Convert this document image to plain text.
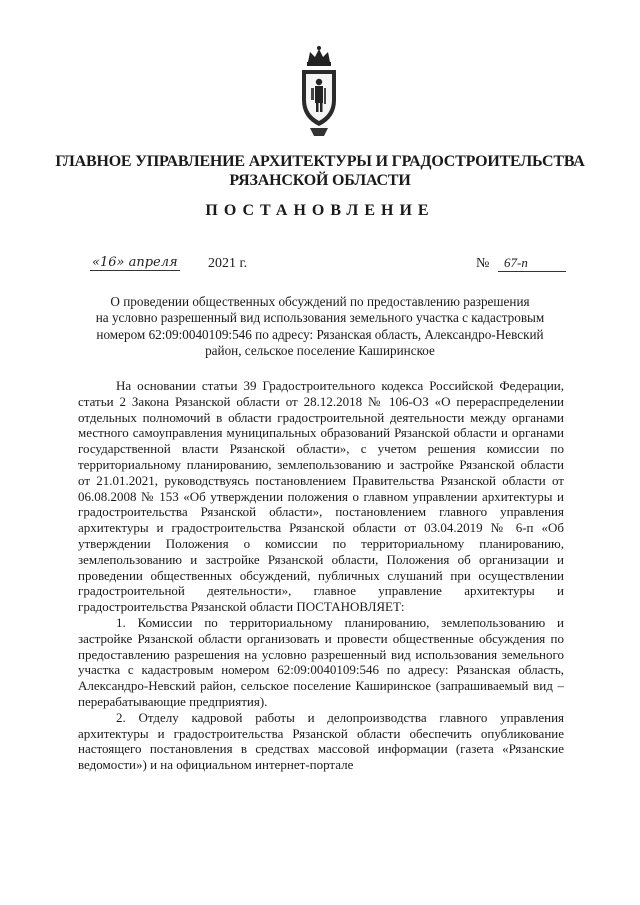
ГЛАВНОЕ УПРАВЛЕНИЕ АРХИТЕКТУРЫ И ГРАДОСТРОИТЕЛЬСТВА
РЯЗАНСКОЙ ОБЛАСТИ
ПОСТАНОВЛЕНИЕ
«16» апреля 2021 г.	№	67-п
О проведении общественных обсуждений по предоставлению разрешения
на условно разрешенный вид использования земельного участка с кадастровым
номером 62:09:0040109:546 по адресу: Рязанская область, Александро-Невский
район, сельское поселение Каширинское

На основании статьи 39 Градостроительного кодекса Российской Федерации, статьи 2 Закона Рязанской области от 28.12.2018 № 106-ОЗ «О перераспределении отдельных полномочий в области градостроительной деятельности между органами местного самоуправления муниципальных образований Рязанской области и органами государственной власти Рязанской области», с учетом решения комиссии по территориальному планированию, землепользованию и застройке Рязанской области от 21.01.2021, руководствуясь постановлением Правительства Рязанской области от 06.08.2008 № 153 «Об утверждении положения о главном управлении архитектуры и градостроительства Рязанской области», постановлением главного управления архитектуры и градостроительства Рязанской области от 03.04.2019 № 6-п «Об утверждении Положения о комиссии по территориальному планированию, землепользованию и застройке Рязанской области, Положения об организации и проведении общественных обсуждений, публичных слушаний при осуществлении градостроительной деятельности», главное управление архитектуры и градостроительства Рязанской области ПОСТАНОВЛЯЕТ:

1. Комиссии по территориальному планированию, землепользованию и застройке Рязанской области организовать и провести общественные обсуждения по предоставлению разрешения на условно разрешенный вид использования земельного участка с кадастровым номером 62:09:0040109:546 по адресу: Рязанская область, Александро-Невский район, сельское поселение Каширинское (запрашиваемый вид – перерабатывающие предприятия).

2. Отделу кадровой работы и делопроизводства главного управления архитектуры и градостроительства Рязанской области обеспечить опубликование настоящего постановления в средствах массовой информации (газета «Рязанские ведомости») и на официальном интернет-портале
